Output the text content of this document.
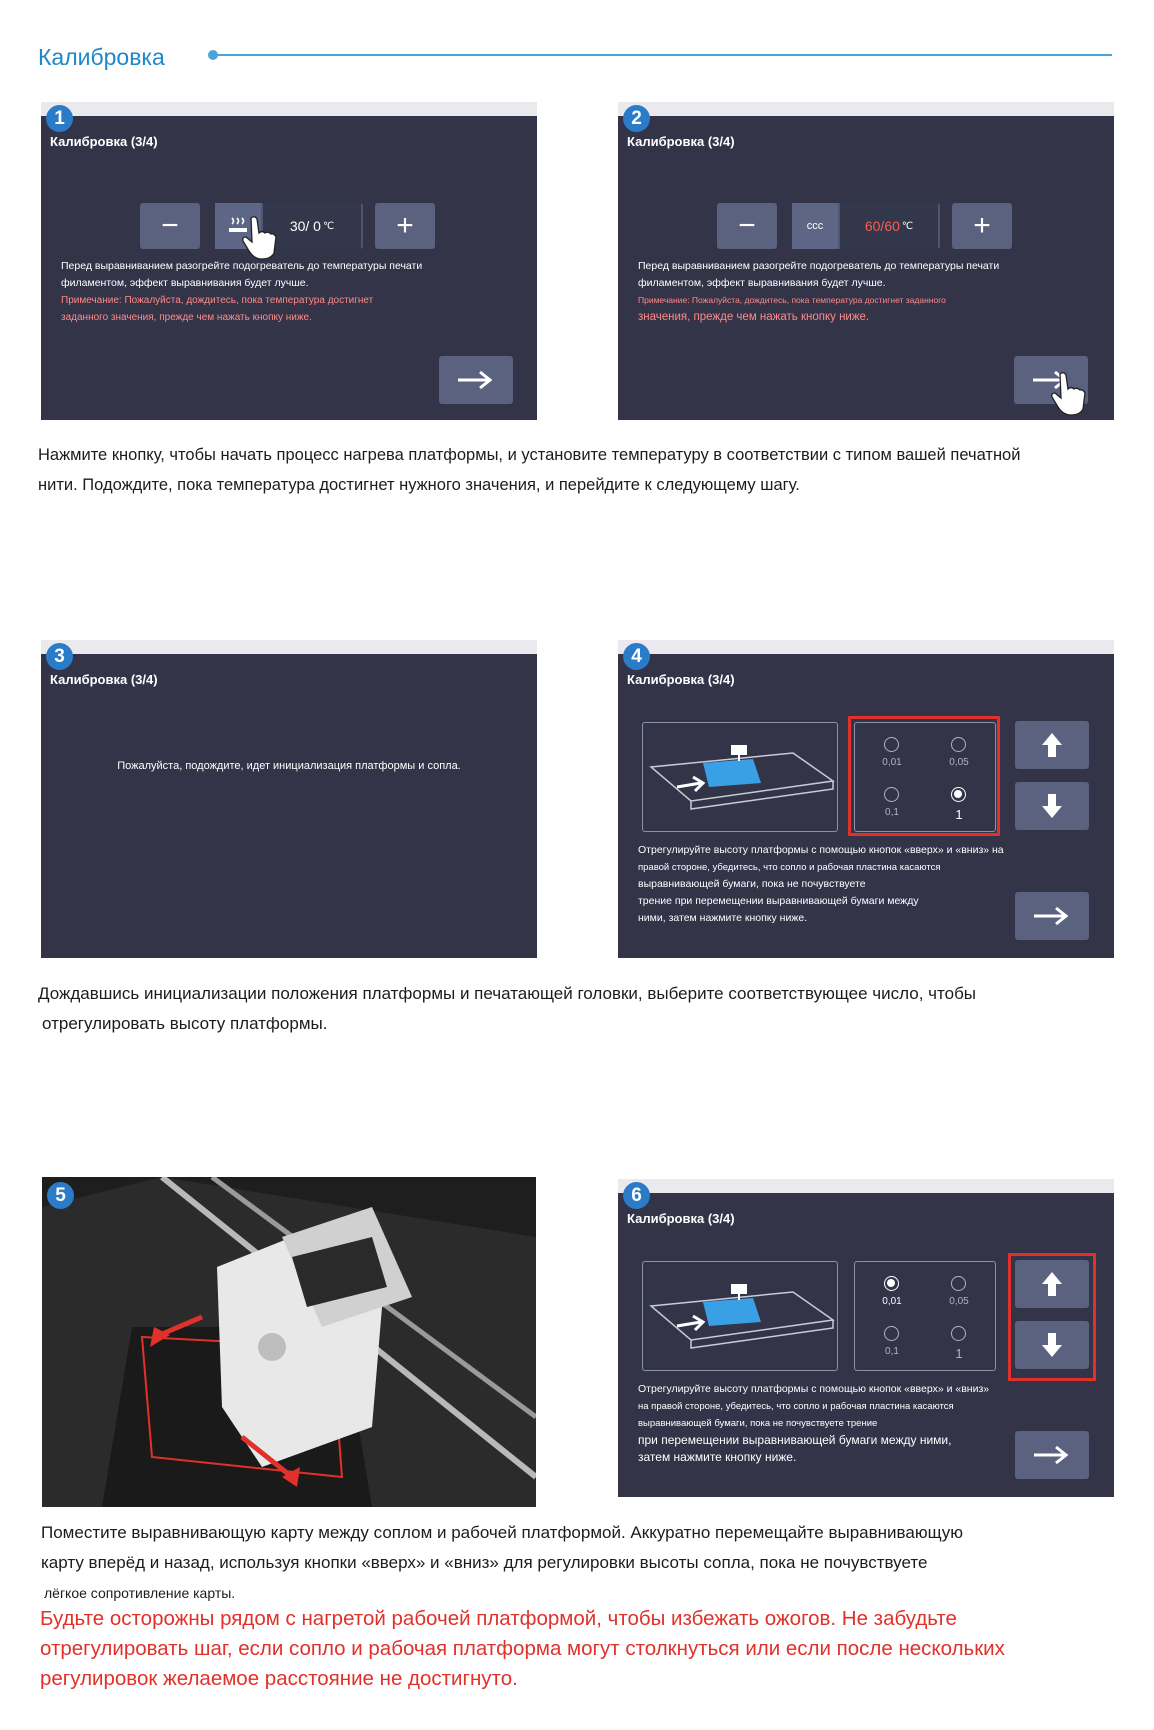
Калибровка
1
Калибровка (3/4)
−	30/ 0 ℃	+
Перед выравниванием разогрейте подогреватель до температуры печати
филаментом, эффект выравнивания будет лучше.
Примечание: Пожалуйста, дождитесь, пока температура достигнет
заданного значения, прежде чем нажать кнопку ниже.
2
Калибровка (3/4)
−	ccc	60/60 ℃	+
Перед выравниванием разогрейте подогреватель до температуры печати
филаментом, эффект выравнивания будет лучше.
Примечание: Пожалуйста, дождитесь, пока температура достигнет заданного
значения, прежде чем нажать кнопку ниже.
Нажмите кнопку, чтобы начать процесс нагрева платформы, и установите температуру в соответствии с типом вашей печатной
нити. Подождите, пока температура достигнет нужного значения, и перейдите к следующему шагу.
3
Калибровка (3/4)
Пожалуйста, подождите, идет инициализация платформы и сопла.
4
Калибровка (3/4)
0,01	0,05
0,1	1
Отрегулируйте высоту платформы с помощью кнопок «вверх» и «вниз» на
правой стороне, убедитесь, что сопло и рабочая пластина касаются
выравнивающей бумаги, пока не почувствуете
трение при перемещении выравнивающей бумаги между
ними, затем нажмите кнопку ниже.
Дождавшись инициализации положения платформы и печатающей головки, выберите соответствующее число, чтобы
отрегулировать высоту платформы.
5	6
Калибровка (3/4)
0,01	0,05
0,1	1
Отрегулируйте высоту платформы с помощью кнопок «вверх» и «вниз»
на правой стороне, убедитесь, что сопло и рабочая пластина касаются
выравнивающей бумаги, пока не почувствуете трение
при перемещении выравнивающей бумаги между ними,
затем нажмите кнопку ниже.
Поместите выравнивающую карту между соплом и рабочей платформой. Аккуратно перемещайте выравнивающую
карту вперёд и назад, используя кнопки «вверх» и «вниз» для регулировки высоты сопла, пока не почувствуете
лёгкое сопротивление карты.
Будьте осторожны рядом с нагретой рабочей платформой, чтобы избежать ожогов. Не забудьте
отрегулировать шаг, если сопло и рабочая платформа могут столкнуться или если после нескольких
регулировок желаемое расстояние не достигнуто.
